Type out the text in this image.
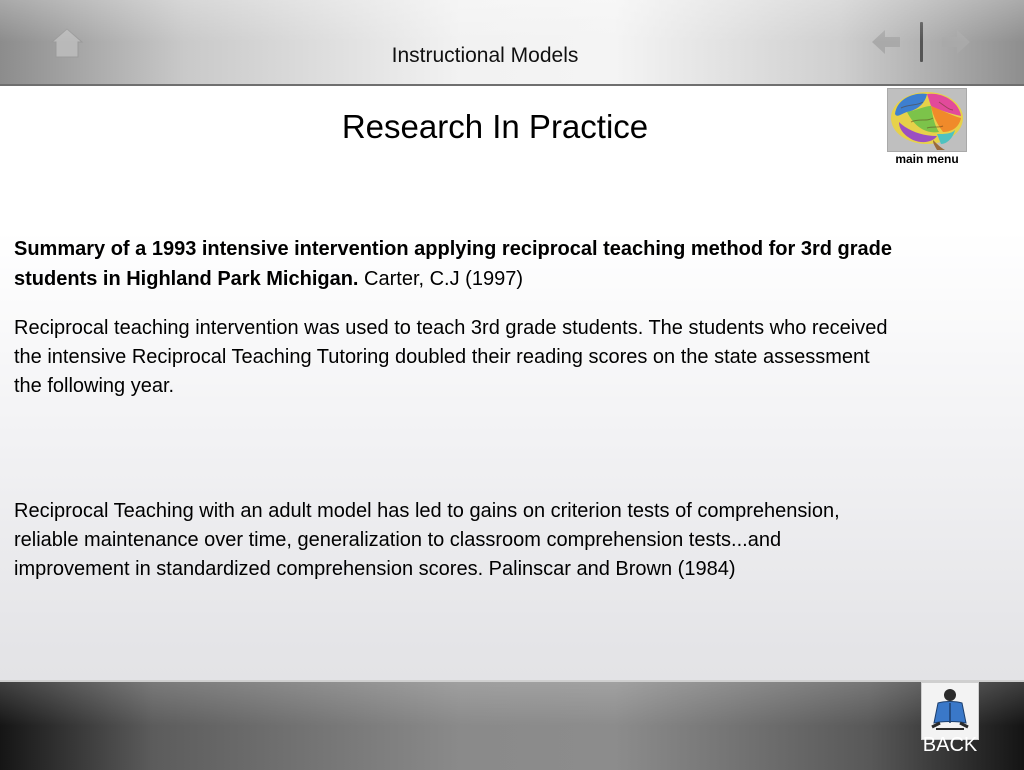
Instructional Models
Research In Practice
main menu
Summary of a 1993 intensive intervention applying reciprocal teaching method for 3rd grade students in Highland Park Michigan. Carter, C.J (1997)
Reciprocal teaching intervention was used to teach 3rd grade students. The students who received the intensive Reciprocal Teaching Tutoring doubled their reading scores on the state assessment the following year.
Reciprocal Teaching with an adult model has led to gains on criterion tests of comprehension, reliable maintenance over time, generalization to classroom comprehension tests...and improvement in standardized comprehension scores. Palinscar and Brown (1984)
BACK
